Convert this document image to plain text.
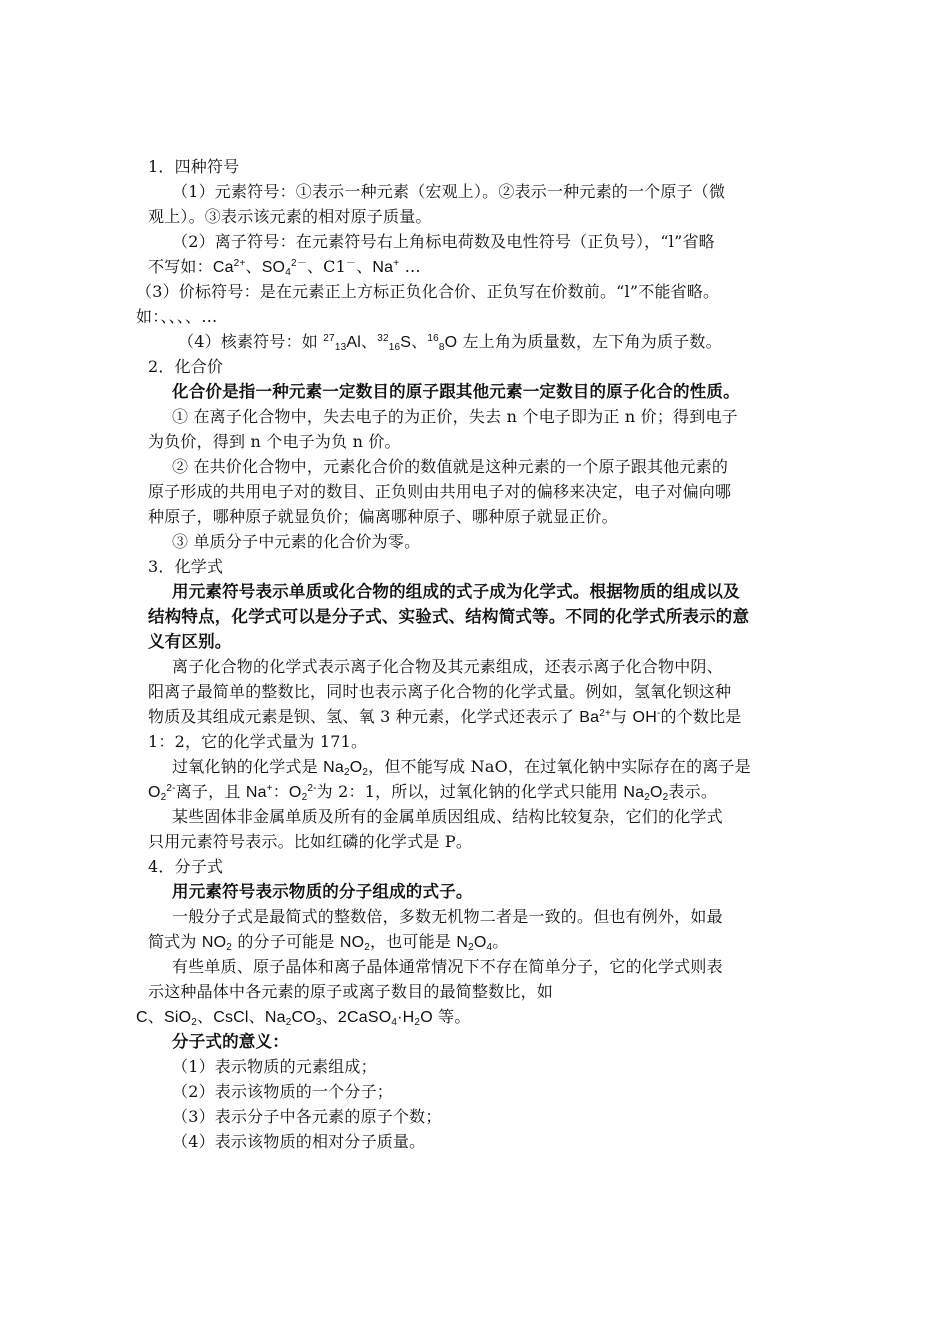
1．四种符号
（1）元素符号：①表示一种元素（宏观上）。②表示一种元素的一个原子（微
观上）。③表示该元素的相对原子质量。
（2）离子符号：在元素符号右上角标电荷数及电性符号（正负号），“l”省略
不写如：$Ca^{2+}$、$SO_4^{2-}$、C1－、Na+ …
（3）价标符号：是在元素正上方标正负化合价、正负写在价数前。“l”不能省略。
如：、、、、…
（4）核素符号：如 $^{27}_{13}$Al、$^{32}_{16}$S、$^{16}_8$O 左上角为质量数，左下角为质子数。
2．化合价
化合价是指一种元素一定数目的原子跟其他元素一定数目的原子化合的性质。
① 在离子化合物中，失去电子的为正价，失去 n 个电子即为正 n 价；得到电子
为负价，得到 n 个电子为负 n 价。
② 在共价化合物中，元素化合价的数值就是这种元素的一个原子跟其他元素的
原子形成的共用电子对的数目、正负则由共用电子对的偏移来决定，电子对偏向哪
种原子，哪种原子就显负价；偏离哪种原子、哪种原子就显正价。
③ 单质分子中元素的化合价为零。
3．化学式
用元素符号表示单质或化合物的组成的式子成为化学式。根据物质的组成以及
结构特点，化学式可以是分子式、实验式、结构简式等。不同的化学式所表示的意
义有区别。
离子化合物的化学式表示离子化合物及其元素组成，还表示离子化合物中阴、
阳离子最简单的整数比，同时也表示离子化合物的化学式量。例如，氢氧化钡这种
物质及其组成元素是钡、氢、氧 3 种元素，化学式还表示了 $Ba^{2+}$与 OH-的个数比是
1：2，它的化学式量为 171。
过氧化钠的化学式是 $Na_2O_2$，但不能写成 NaO，在过氧化钠中实际存在的离子是
$O_2^{2-}$离子，且 Na+：$O_2^{2-}$为 2：1，所以，过氧化钠的化学式只能用 $Na_2O_2$表示。
某些固体非金属单质及所有的金属单质因组成、结构比较复杂，它们的化学式
只用元素符号表示。比如红磷的化学式是 P。
4．分子式
用元素符号表示物质的分子组成的式子。
一般分子式是最简式的整数倍，多数无机物二者是一致的。但也有例外，如最
简式为 $NO_2$ 的分子可能是 $NO_2$，也可能是 $N_2O_4$。
有些单质、原子晶体和离子晶体通常情况下不存在简单分子，它的化学式则表
示这种晶体中各元素的原子或离子数目的最简整数比，如
C、SiO$_2$、CsCl、$Na_2CO_3$、$2CaSO_4\cdot H_2O$ 等。
分子式的意义：
（1）表示物质的元素组成；
（2）表示该物质的一个分子；
（3）表示分子中各元素的原子个数；
（4）表示该物质的相对分子质量。
